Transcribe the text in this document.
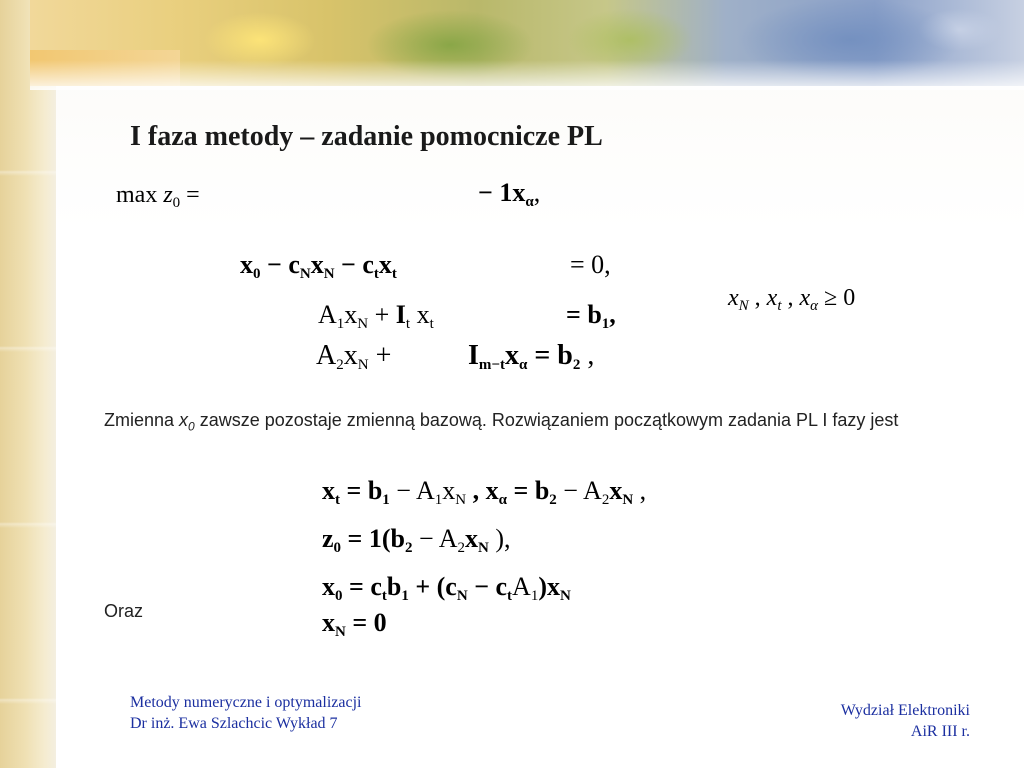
I faza metody – zadanie pomocnicze PL
$\max z_0$ =	− $1x_\alpha$,
$x_0 - c_Nx_N - c_tx_t$	= 0,
$A_1x_N + I_t$ $x_t$	= $b_1$,
$x_N$ , $x_t$ , $x_\alpha \ge 0$
$A_2x_N$ +	$I_{m-t}x_\alpha = b_2$ ,
Zmienna $x_0$ zawsze pozostaje zmienną bazową. Rozwiązaniem początkowym zadania PL I fazy jest
$x_t = b_1 - A_1x_N$ , $x_\alpha = b_2 - A_2x_N$ ,
$z_0 = 1(b_2 - A_2x_N$ ),
$x_0 = c_tb_1 + (c_N - c_tA_1)x_N$
Oraz	$x_N = 0$
Metody numeryczne i optymalizacji
Dr inż. Ewa Szlachcic Wykład 7
Wydział Elektroniki
AiR III r.
